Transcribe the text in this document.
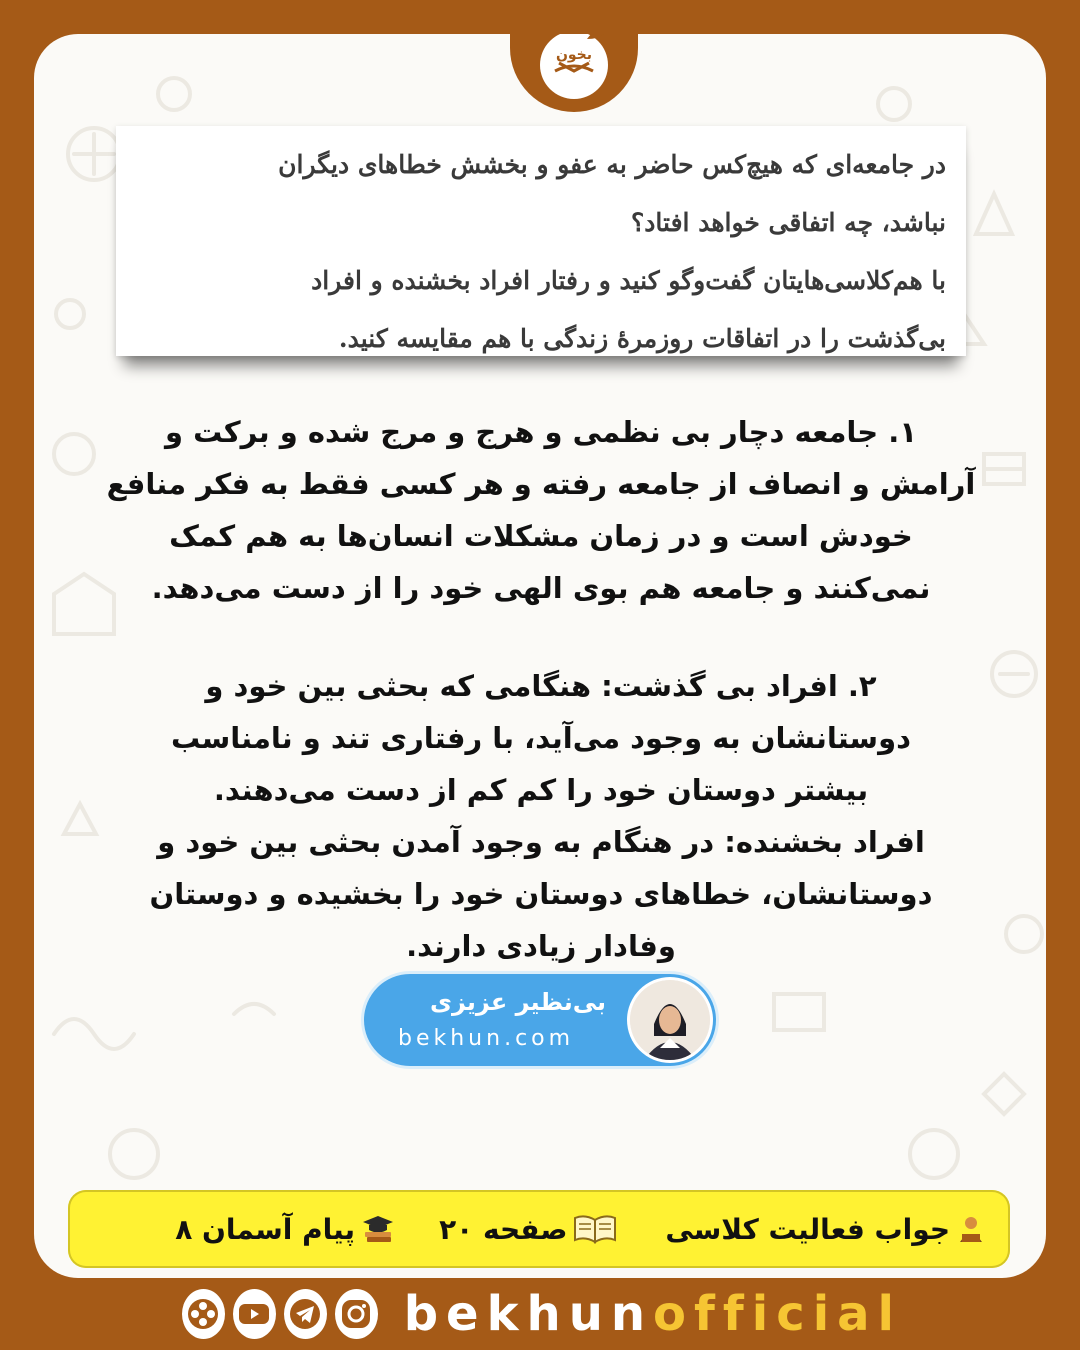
بخون

در جامعه‌ای که هیچ‌کس حاضر به عفو و بخشش خطاهای دیگران

نباشد، چه اتفاقی خواهد افتاد؟

با هم‌کلاسی‌هایتان گفت‌وگو کنید و رفتار افراد بخشنده و افراد

بی‌گذشت را در اتفاقات روزمرهٔ زندگی با هم مقایسه کنید.

۱. جامعه دچار بی نظمی و هرج و مرج شده و برکت و

آرامش و انصاف از جامعه رفته و هر کسی فقط به فکر منافع

خودش است و در زمان مشکلات انسان‌ها به هم کمک

نمی‌کنند و جامعه هم بوی الهی خود را از دست می‌دهد.

۲. افراد بی گذشت: هنگامی که بحثی بین خود و

دوستانشان به وجود می‌آید، با رفتاری تند و نامناسب

بیشتر دوستان خود را کم کم از دست می‌دهند.

افراد بخشنده: در هنگام به وجود آمدن بحثی بین خود و

دوستانشان، خطاهای دوستان خود را بخشیده و دوستان

وفادار زیادی دارند.

بی‌نظیر عزیزی
bekhun.com
جواب فعالیت کلاسی
صفحه ۲۰
پیام آسمان ۸
bekhunofficial
